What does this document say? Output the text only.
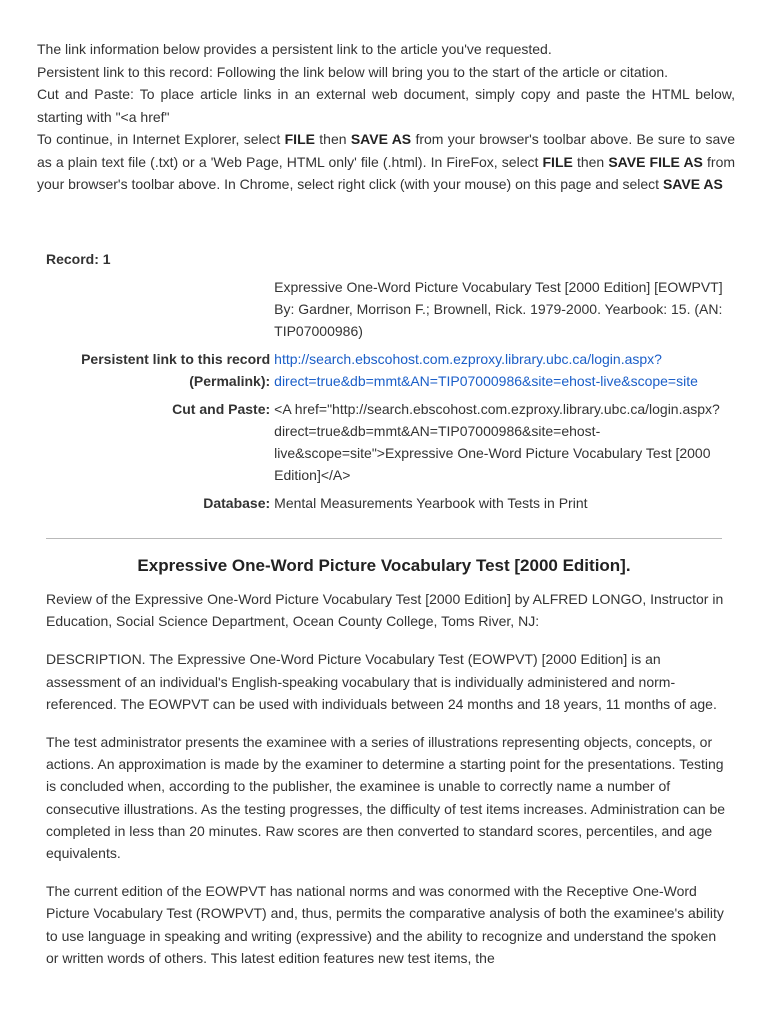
The link information below provides a persistent link to the article you've requested.

Persistent link to this record: Following the link below will bring you to the start of the article or citation.

Cut and Paste: To place article links in an external web document, simply copy and paste the HTML below, starting with "<a href"

To continue, in Internet Explorer, select FILE then SAVE AS from your browser's toolbar above. Be sure to save as a plain text file (.txt) or a 'Web Page, HTML only' file (.html). In FireFox, select FILE then SAVE FILE AS from your browser's toolbar above. In Chrome, select right click (with your mouse) on this page and select SAVE AS

Record: 1

	Expressive One-Word Picture Vocabulary Test [2000 Edition] [EOWPVT] By: Gardner, Morrison F.; Brownell, Rick. 1979-2000. Yearbook: 15. (AN: TIP07000986)
Persistent link to this record (Permalink):	http://search.ebscohost.com.ezproxy.library.ubc.ca/login.aspx?direct=true&db=mmt&AN=TIP07000986&site=ehost-live&scope=site
Cut and Paste:	<A href="http://search.ebscohost.com.ezproxy.library.ubc.ca/login.aspx?direct=true&db=mmt&AN=TIP07000986&site=ehost-live&scope=site">Expressive One-Word Picture Vocabulary Test [2000 Edition]</A>
Database:	Mental Measurements Yearbook with Tests in Print
Expressive One-Word Picture Vocabulary Test [2000 Edition].

Review of the Expressive One-Word Picture Vocabulary Test [2000 Edition] by ALFRED LONGO, Instructor in Education, Social Science Department, Ocean County College, Toms River, NJ:

DESCRIPTION. The Expressive One-Word Picture Vocabulary Test (EOWPVT) [2000 Edition] is an assessment of an individual's English-speaking vocabulary that is individually administered and norm-referenced. The EOWPVT can be used with individuals between 24 months and 18 years, 11 months of age.

The test administrator presents the examinee with a series of illustrations representing objects, concepts, or actions. An approximation is made by the examiner to determine a starting point for the presentations. Testing is concluded when, according to the publisher, the examinee is unable to correctly name a number of consecutive illustrations. As the testing progresses, the difficulty of test items increases. Administration can be completed in less than 20 minutes. Raw scores are then converted to standard scores, percentiles, and age equivalents.

The current edition of the EOWPVT has national norms and was conormed with the Receptive One-Word Picture Vocabulary Test (ROWPVT) and, thus, permits the comparative analysis of both the examinee's ability to use language in speaking and writing (expressive) and the ability to recognize and understand the spoken or written words of others. This latest edition features new test items, the
